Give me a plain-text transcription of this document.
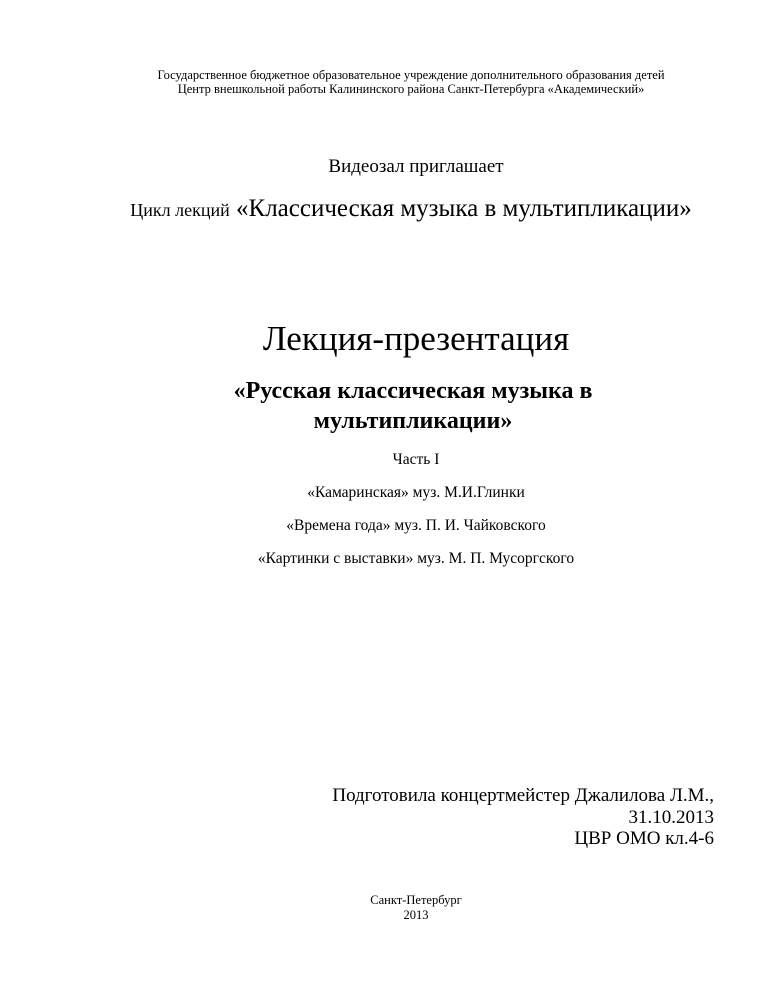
Государственное бюджетное образовательное учреждение дополнительного образования детей
Центр внешкольной работы Калининского района Санкт-Петербурга «Академический»
Видеозал приглашает
Цикл лекций «Классическая музыка в мультипликации»
Лекция-презентация
«Русская классическая музыка в
мультипликации»
Часть I
«Камаринская» муз. М.И.Глинки
«Времена года» муз. П. И. Чайковского
«Картинки с выставки» муз. М. П. Мусоргского
Подготовила концертмейстер Джалилова Л.М.,
31.10.2013
ЦВР ОМО кл.4-6
Санкт-Петербург
2013
